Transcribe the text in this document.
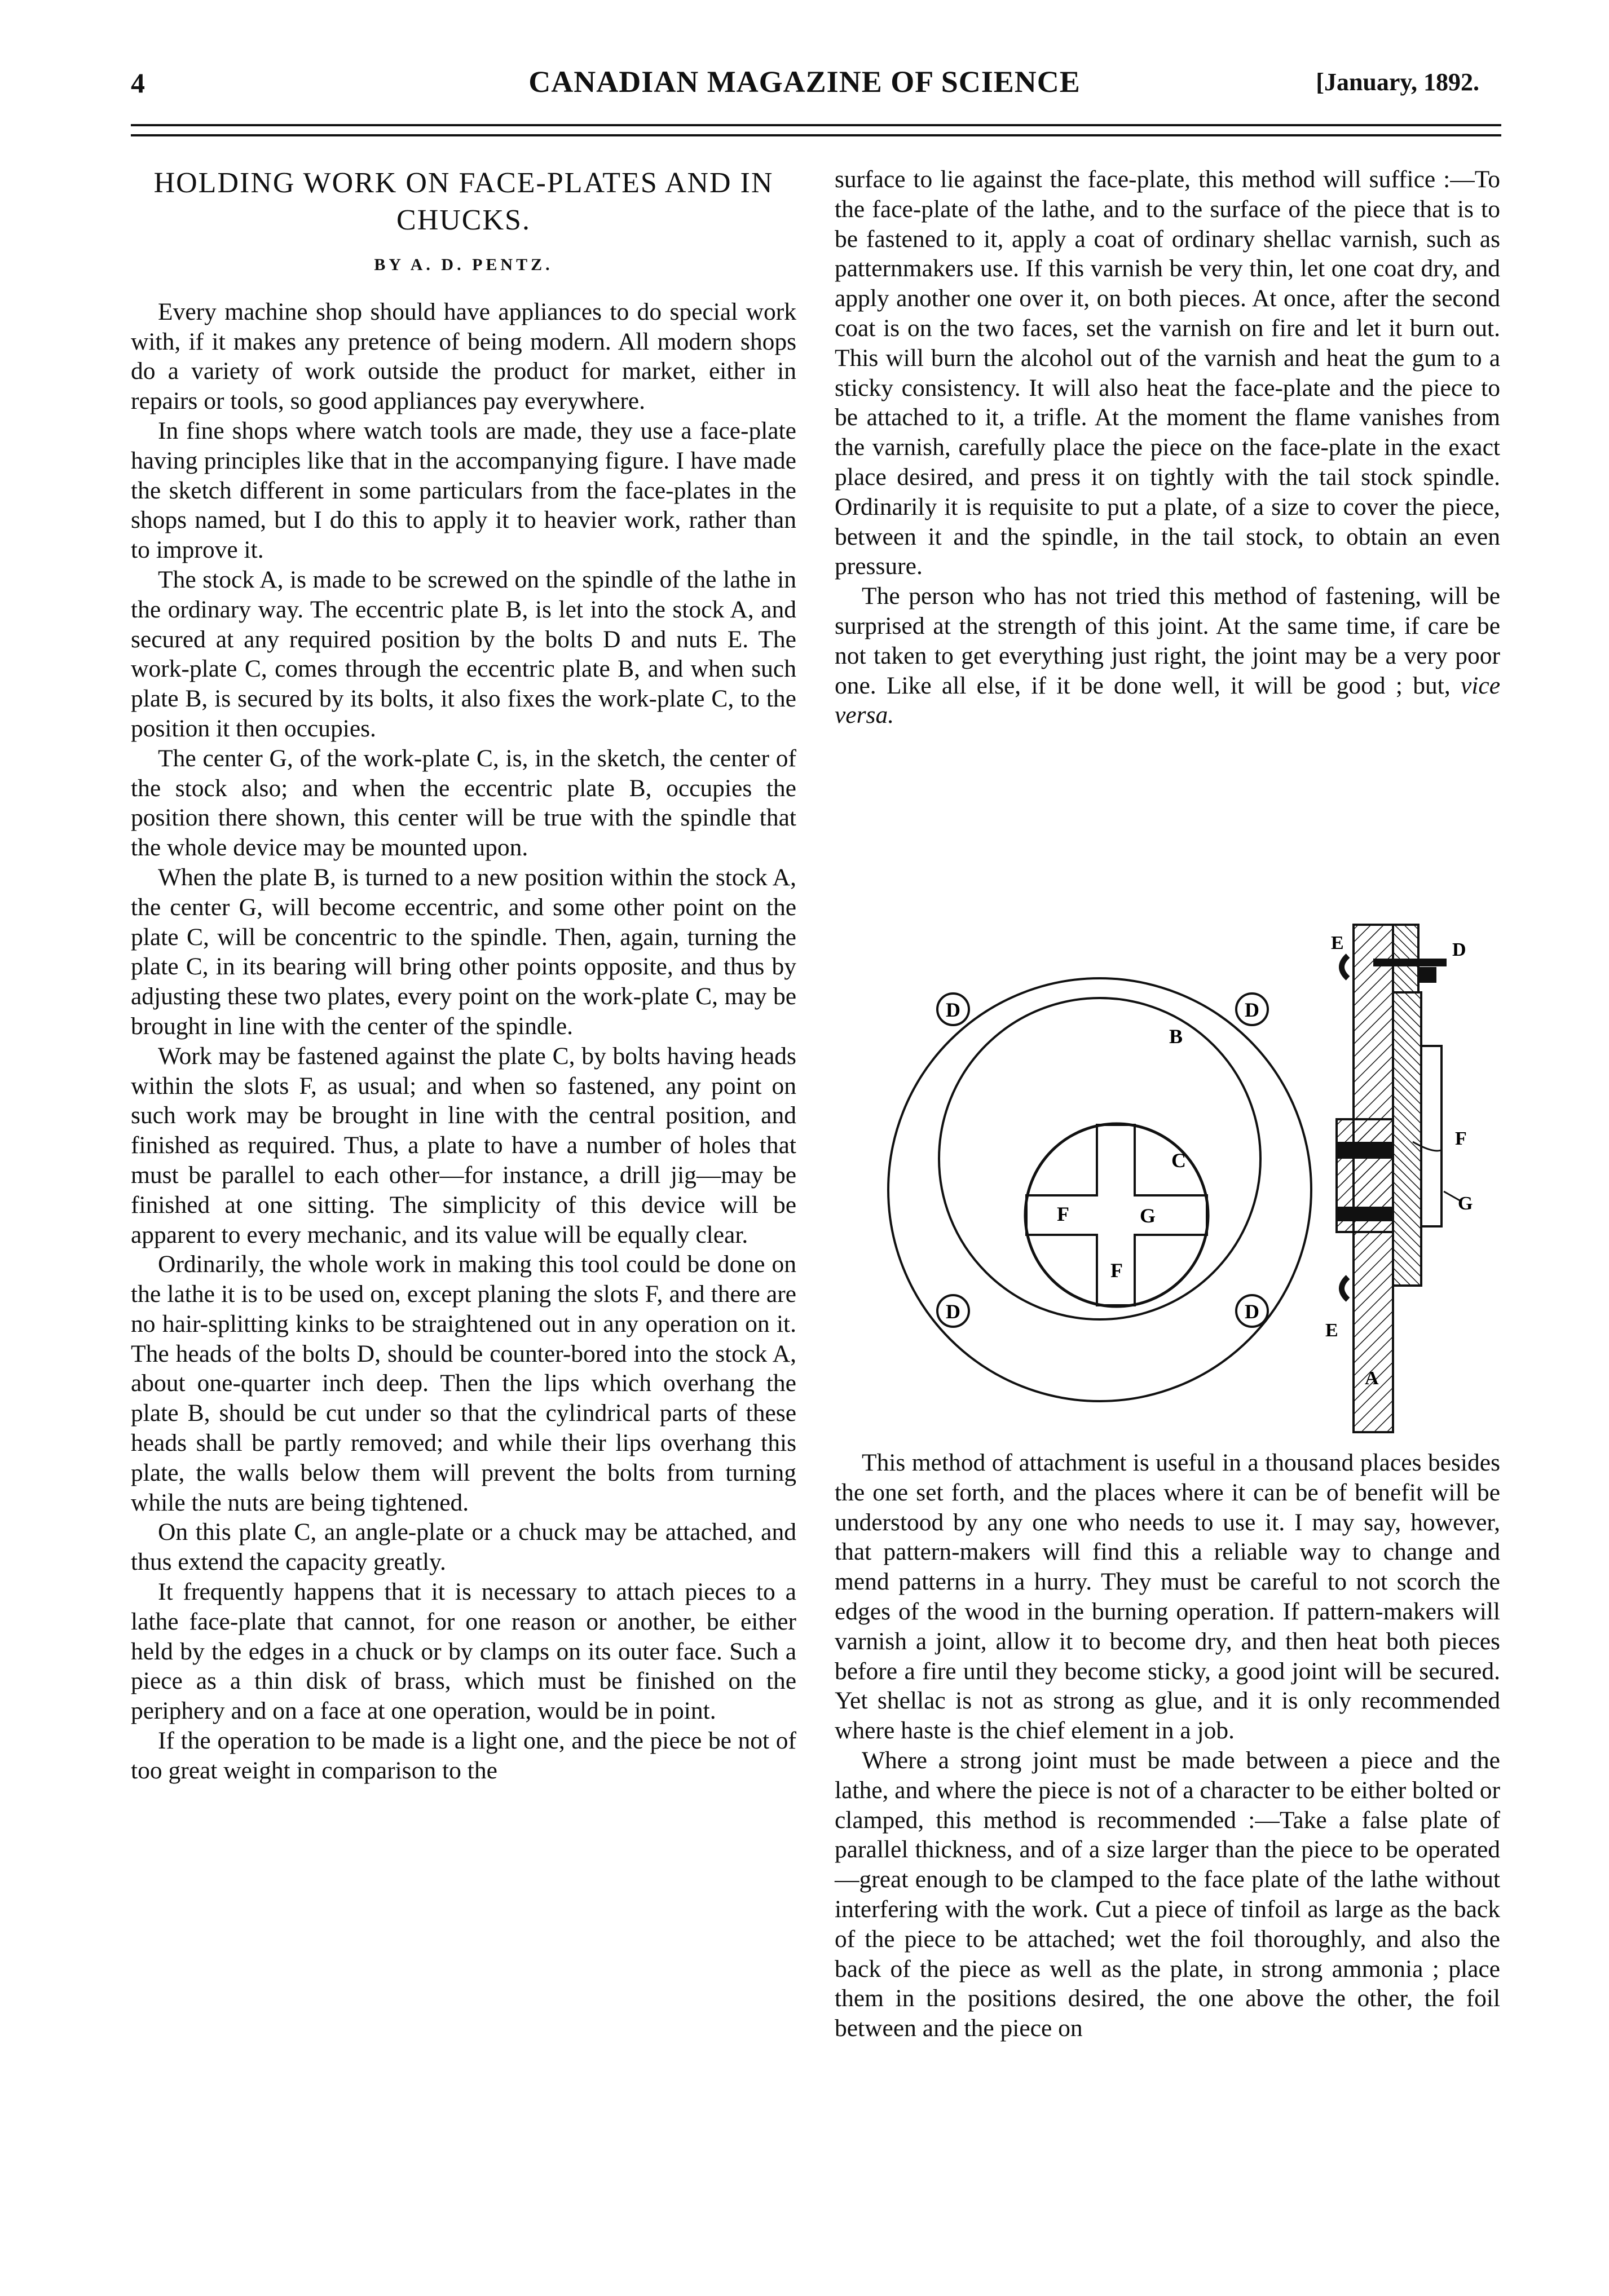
4	CANADIAN MAGAZINE OF SCIENCE	[January, 1892.
HOLDING WORK ON FACE-PLATES AND IN CHUCKS.
BY A. D. PENTZ.

Every machine shop should have appliances to do special work with, if it makes any pretence of being modern. All modern shops do a variety of work outside the product for market, either in repairs or tools, so good appliances pay everywhere.

In fine shops where watch tools are made, they use a face-plate having principles like that in the accompanying figure. I have made the sketch different in some particulars from the face-plates in the shops named, but I do this to apply it to heavier work, rather than to improve it.

The stock A, is made to be screwed on the spindle of the lathe in the ordinary way. The eccentric plate B, is let into the stock A, and secured at any required position by the bolts D and nuts E. The work-plate C, comes through the eccentric plate B, and when such plate B, is secured by its bolts, it also fixes the work-plate C, to the position it then occupies.

The center G, of the work-plate C, is, in the sketch, the center of the stock also; and when the eccentric plate B, occupies the position there shown, this center will be true with the spindle that the whole device may be mounted upon.

When the plate B, is turned to a new position within the stock A, the center G, will become eccentric, and some other point on the plate C, will be concentric to the spindle. Then, again, turning the plate C, in its bearing will bring other points opposite, and thus by adjusting these two plates, every point on the work-plate C, may be brought in line with the center of the spindle.

Work may be fastened against the plate C, by bolts having heads within the slots F, as usual; and when so fastened, any point on such work may be brought in line with the central position, and finished as required. Thus, a plate to have a number of holes that must be parallel to each other—for instance, a drill jig—may be finished at one sitting. The simplicity of this device will be apparent to every mechanic, and its value will be equally clear.

Ordinarily, the whole work in making this tool could be done on the lathe it is to be used on, except planing the slots F, and there are no hair-splitting kinks to be straightened out in any operation on it. The heads of the bolts D, should be counter-bored into the stock A, about one-quarter inch deep. Then the lips which overhang the plate B, should be cut under so that the cylindrical parts of these heads shall be partly removed; and while their lips overhang this plate, the walls below them will prevent the bolts from turning while the nuts are being tightened.

On this plate C, an angle-plate or a chuck may be attached, and thus extend the capacity greatly.

It frequently happens that it is necessary to attach pieces to a lathe face-plate that cannot, for one reason or another, be either held by the edges in a chuck or by clamps on its outer face. Such a piece as a thin disk of brass, which must be finished on the periphery and on a face at one operation, would be in point.

If the operation to be made is a light one, and the piece be not of too great weight in comparison to the

surface to lie against the face-plate, this method will suffice :—To the face-plate of the lathe, and to the surface of the piece that is to be fastened to it, apply a coat of ordinary shellac varnish, such as patternmakers use. If this varnish be very thin, let one coat dry, and apply another one over it, on both pieces. At once, after the second coat is on the two faces, set the varnish on fire and let it burn out. This will burn the alcohol out of the varnish and heat the gum to a sticky consistency. It will also heat the face-plate and the piece to be attached to it, a trifle. At the moment the flame vanishes from the varnish, carefully place the piece on the face-plate in the exact place desired, and press it on tightly with the tail stock spindle. Ordinarily it is requisite to put a plate, of a size to cover the piece, between it and the spindle, in the tail stock, to obtain an even pressure.

The person who has not tried this method of fastening, will be surprised at the strength of this joint. At the same time, if care be not taken to get everything just right, the joint may be a very poor one. Like all else, if it be done well, it will be good ; but, vice versa.

D	D
D	D
B
C
F	G
F
E	D
F
G
E
A

This method of attachment is useful in a thousand places besides the one set forth, and the places where it can be of benefit will be understood by any one who needs to use it. I may say, however, that pattern-makers will find this a reliable way to change and mend patterns in a hurry. They must be careful to not scorch the edges of the wood in the burning operation. If pattern-makers will varnish a joint, allow it to become dry, and then heat both pieces before a fire until they become sticky, a good joint will be secured. Yet shellac is not as strong as glue, and it is only recommended where haste is the chief element in a job.

Where a strong joint must be made between a piece and the lathe, and where the piece is not of a character to be either bolted or clamped, this method is recommended :—Take a false plate of parallel thickness, and of a size larger than the piece to be operated—great enough to be clamped to the face plate of the lathe without interfering with the work. Cut a piece of tinfoil as large as the back of the piece to be attached; wet the foil thoroughly, and also the back of the piece as well as the plate, in strong ammonia ; place them in the positions desired, the one above the other, the foil between and the piece on
